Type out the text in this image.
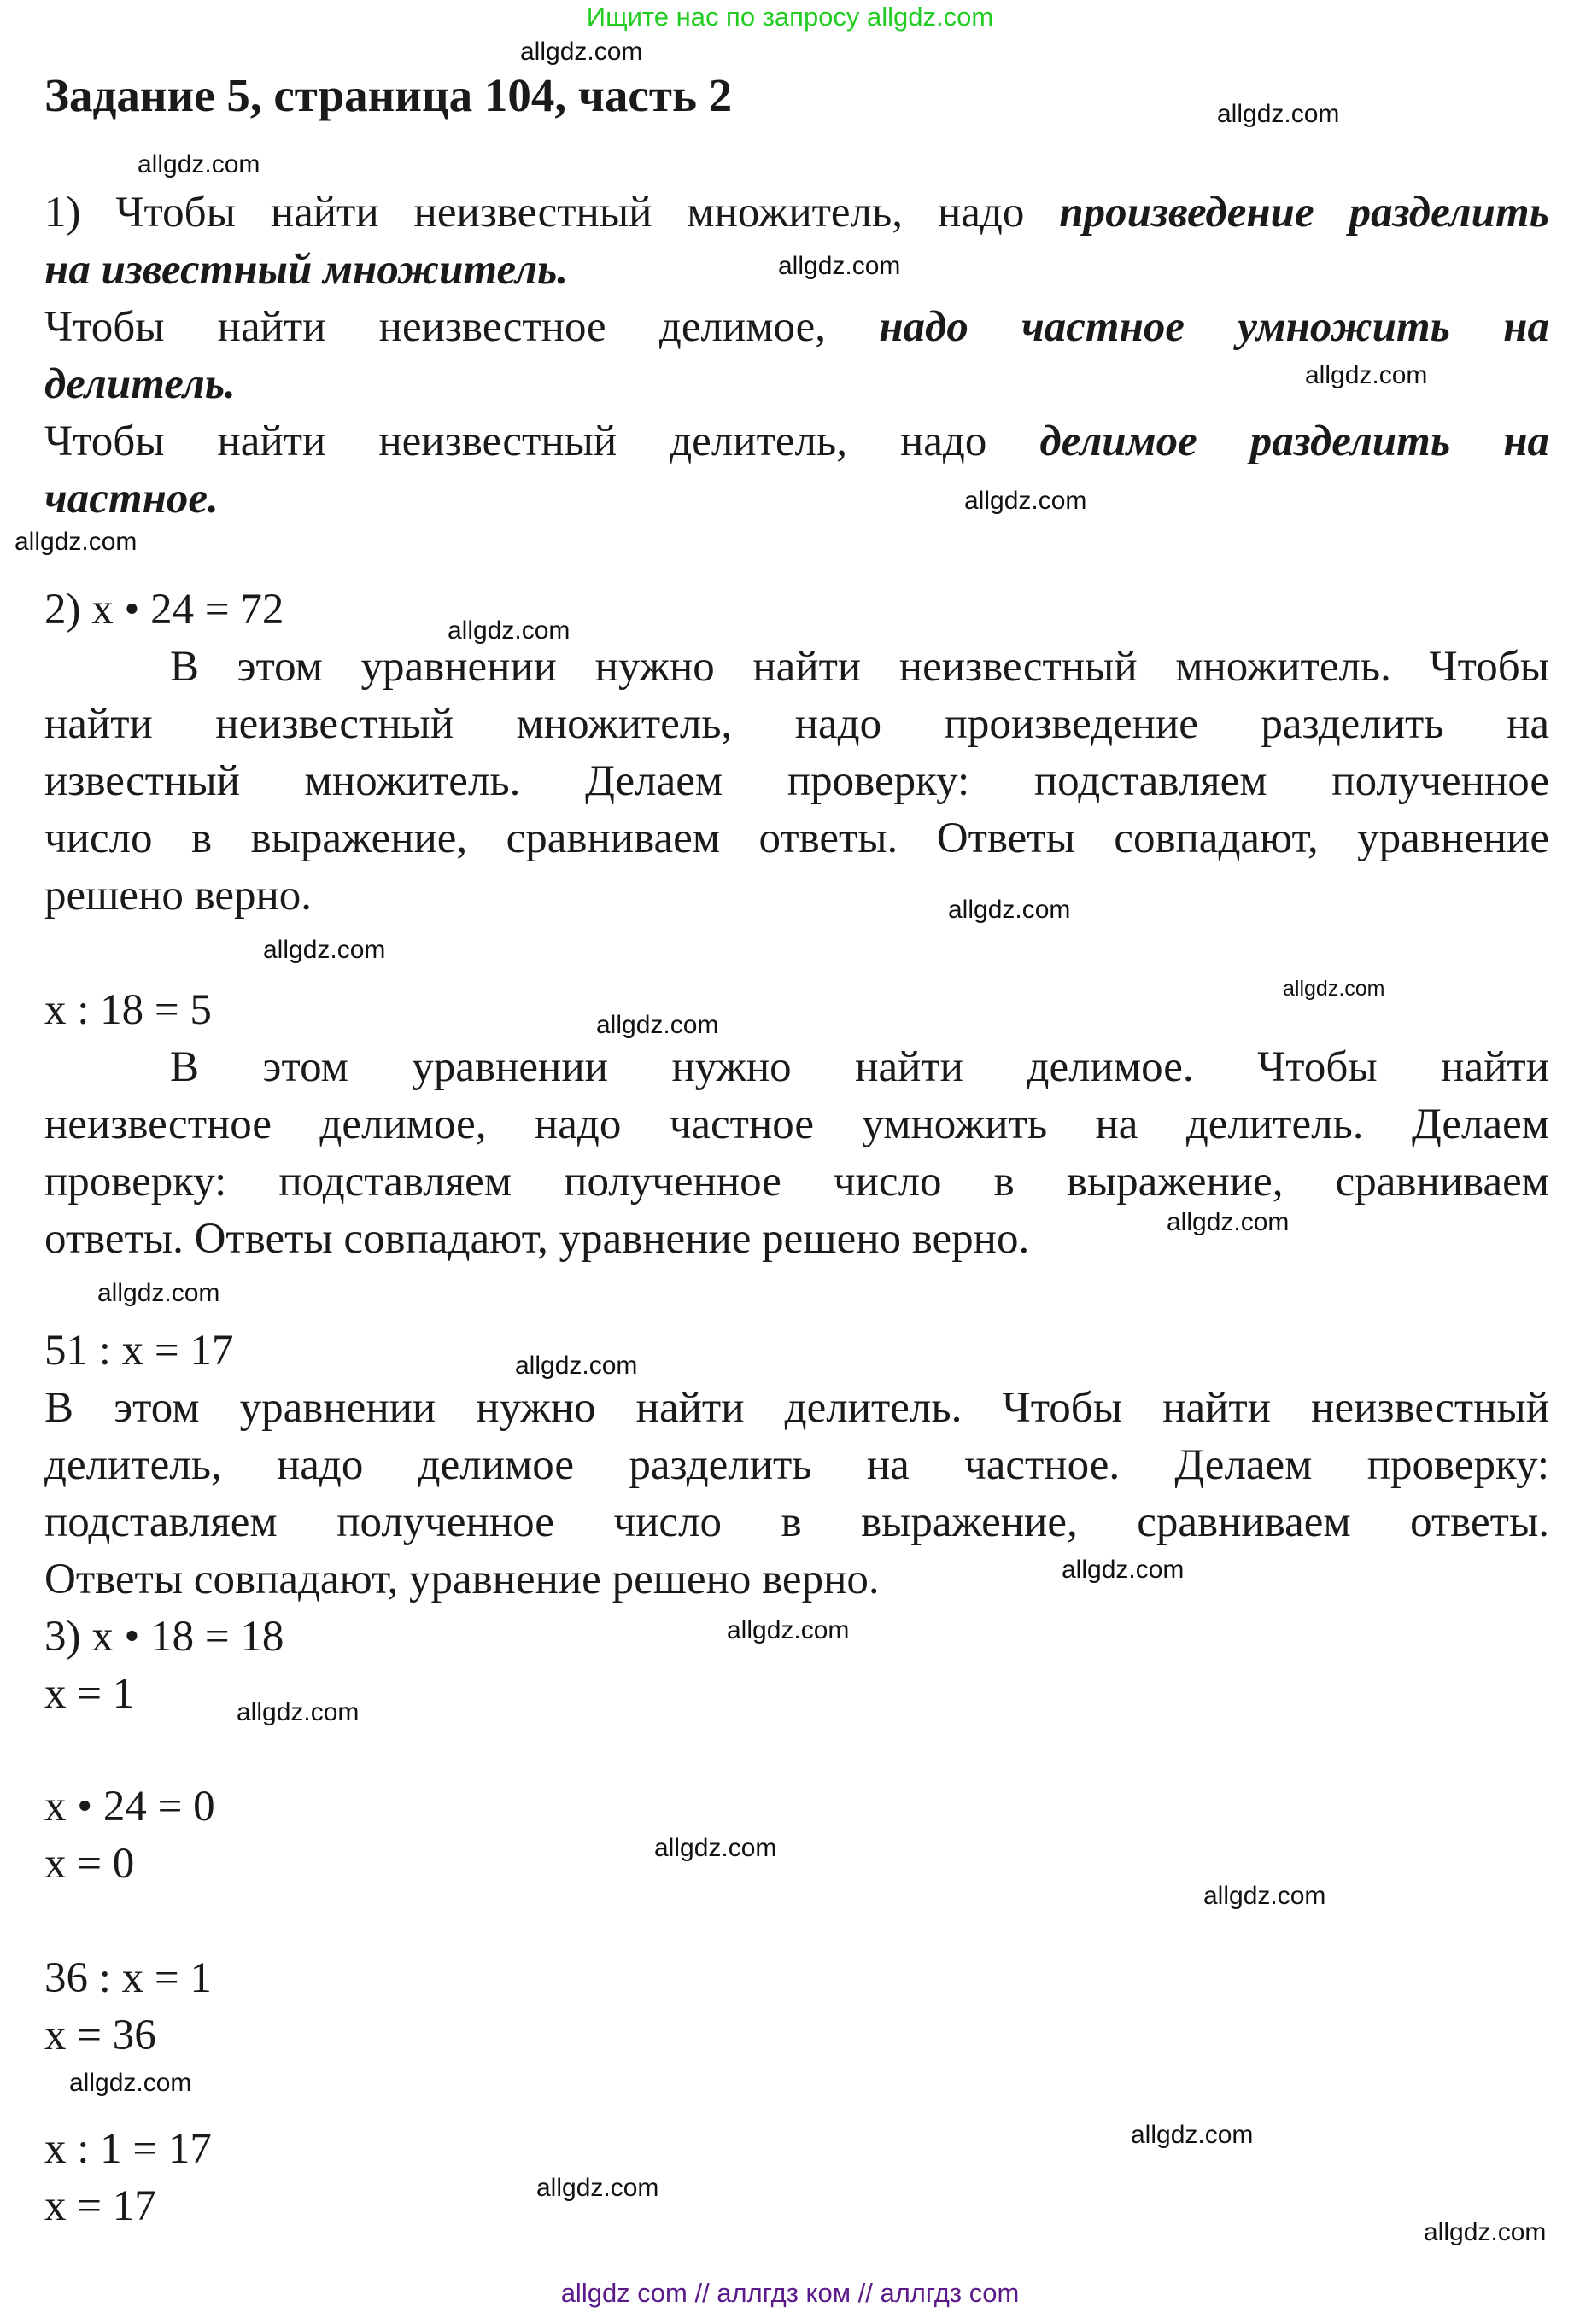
Ищите нас по запросу allgdz.com
Задание 5, страница 104, часть 2
1) Чтобы найти неизвестный множитель, надо произведение разделить
на известный множитель.
Чтобы найти неизвестное делимое, надо частное умножить на
делитель.
Чтобы найти неизвестный делитель, надо делимое разделить на
частное.
2) x • 24 = 72
В этом уравнении нужно найти неизвестный множитель. Чтобы
найти неизвестный множитель, надо произведение разделить на
известный множитель. Делаем проверку: подставляем полученное
число в выражение, сравниваем ответы. Ответы совпадают, уравнение
решено верно.
x : 18 = 5
В этом уравнении нужно найти делимое. Чтобы найти
неизвестное делимое, надо частное умножить на делитель. Делаем
проверку: подставляем полученное число в выражение, сравниваем
ответы. Ответы совпадают, уравнение решено верно.
51 : x = 17
В этом уравнении нужно найти делитель. Чтобы найти неизвестный
делитель, надо делимое разделить на частное. Делаем проверку:
подставляем полученное число в выражение, сравниваем ответы.
Ответы совпадают, уравнение решено верно.
3) x • 18 = 18
x = 1
x • 24 = 0
x = 0
36 : x = 1
x = 36
x : 1 = 17
x = 17
allgdz.com
allgdz.com
allgdz.com
allgdz.com
allgdz.com
allgdz.com
allgdz.com
allgdz.com
allgdz.com
allgdz.com
allgdz.com
allgdz.com
allgdz.com
allgdz.com
allgdz.com
allgdz.com
allgdz.com
allgdz.com
allgdz.com
allgdz.com
allgdz.com
allgdz.com
allgdz.com
allgdz.com
allgdz com // аллгдз ком // аллгдз com
